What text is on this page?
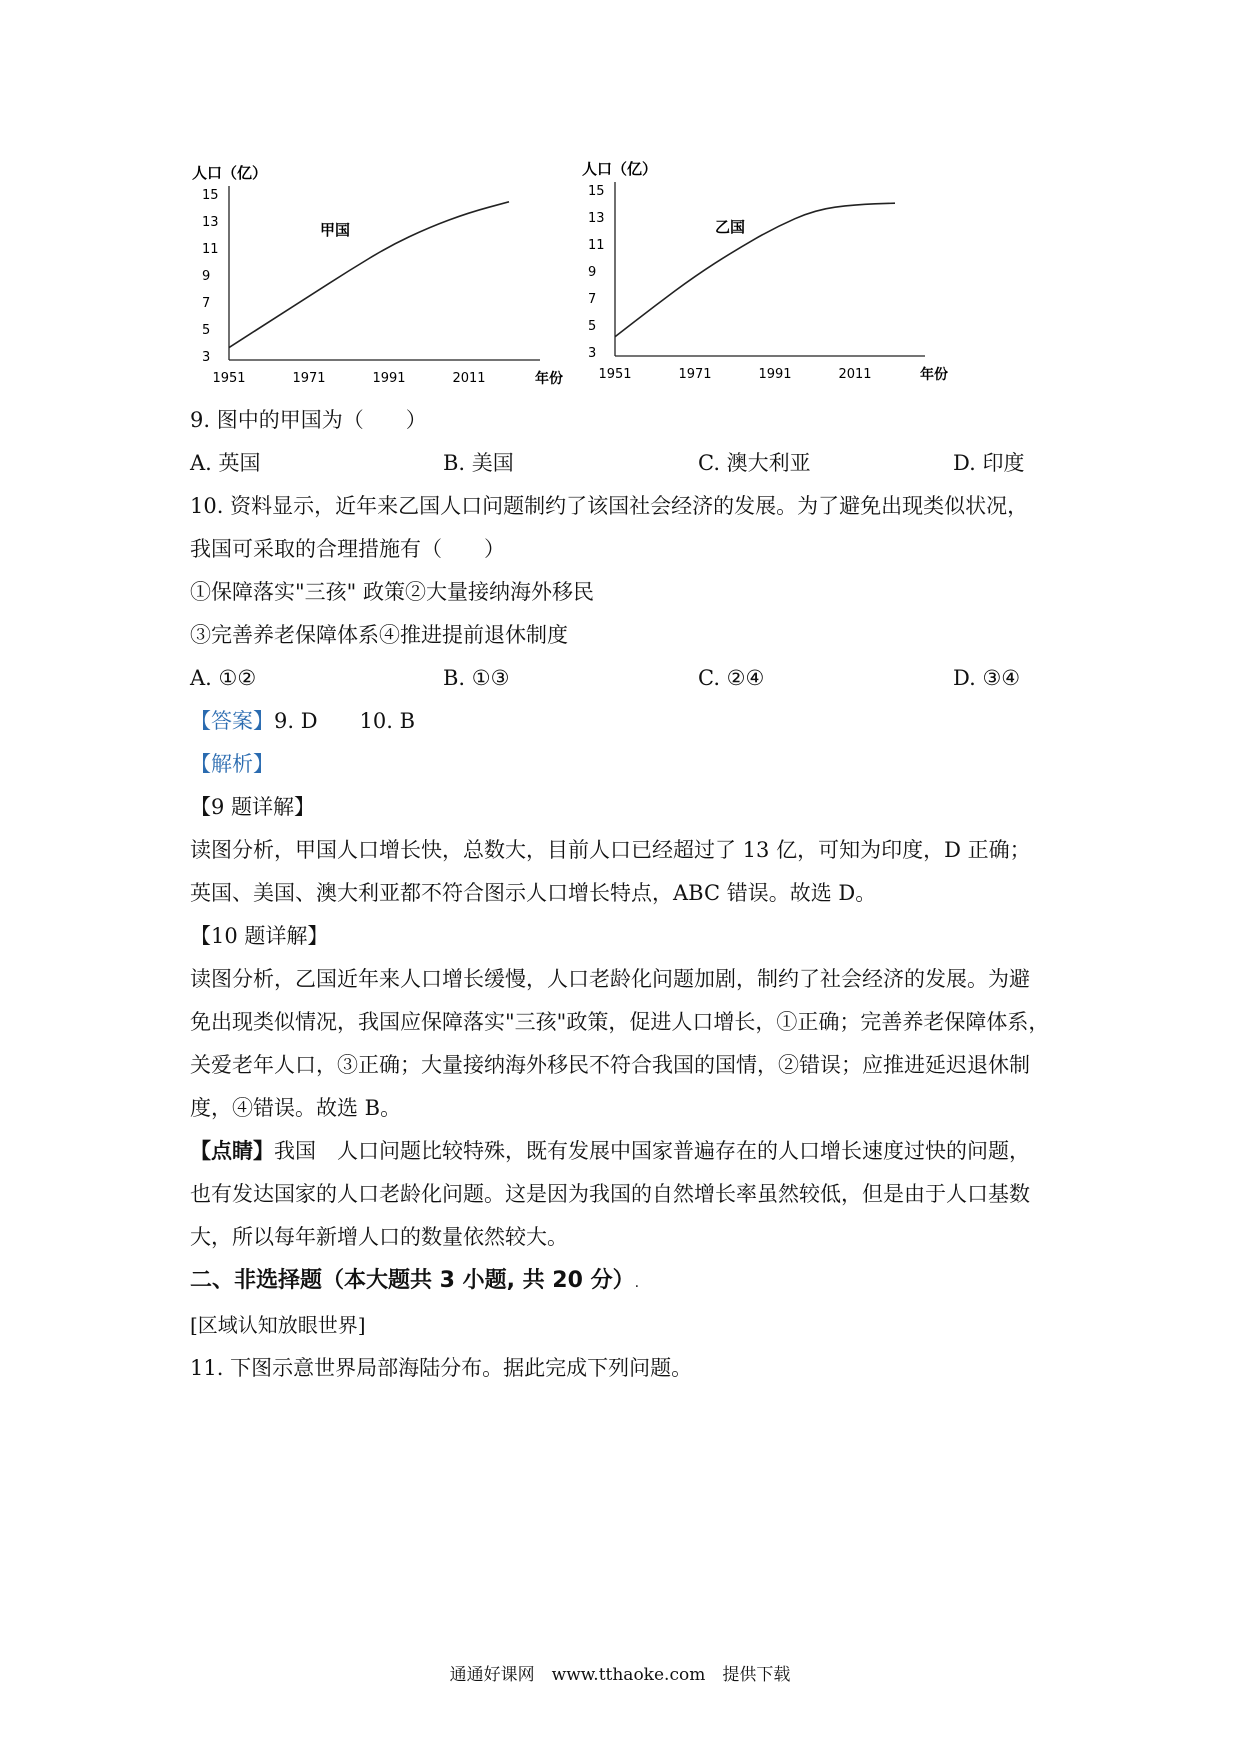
人口（亿）
15
13
11
9
7
5
3
1951	1971	1991	2011	年份
甲国
人口（亿）
15
13
11
9
7
5
3
1951	1971	1991	2011	年份
乙国
9. 图中的甲国为（　　）
A. 英国	B. 美国	C. 澳大利亚	D. 印度
10. 资料显示，近年来乙国人口问题制约了该国社会经济的发展。为了避免出现类似状况，
我国可采取的合理措施有（　　）
①保障落实"三孩" 政策②大量接纳海外移民
③完善养老保障体系④推进提前退休制度
A. ①②	B. ①③	C. ②④	D. ③④
【答案】9. D　　10. B
【解析】
【9 题详解】
读图分析，甲国人口增长快，总数大，目前人口已经超过了 13 亿，可知为印度，D 正确；
英国、美国、澳大利亚都不符合图示人口增长特点，ABC 错误。故选 D。
【10 题详解】
读图分析，乙国近年来人口增长缓慢，人口老龄化问题加剧，制约了社会经济的发展。为避
免出现类似情况，我国应保障落实"三孩"政策，促进人口增长，①正确；完善养老保障体系，
关爱老年人口，③正确；大量接纳海外移民不符合我国的国情，②错误；应推进延迟退休制
度，④错误。故选 B。
【点睛】我国　人口问题比较特殊，既有发展中国家普遍存在的人口增长速度过快的问题，
也有发达国家的人口老龄化问题。这是因为我国的自然增长率虽然较低，但是由于人口基数
大，所以每年新增人口的数量依然较大。
二、非选择题（本大题共 3 小题, 共 20 分）.
[区域认知放眼世界]
11. 下图示意世界局部海陆分布。据此完成下列问题。
通通好课网　www.tthaoke.com　提供下载
